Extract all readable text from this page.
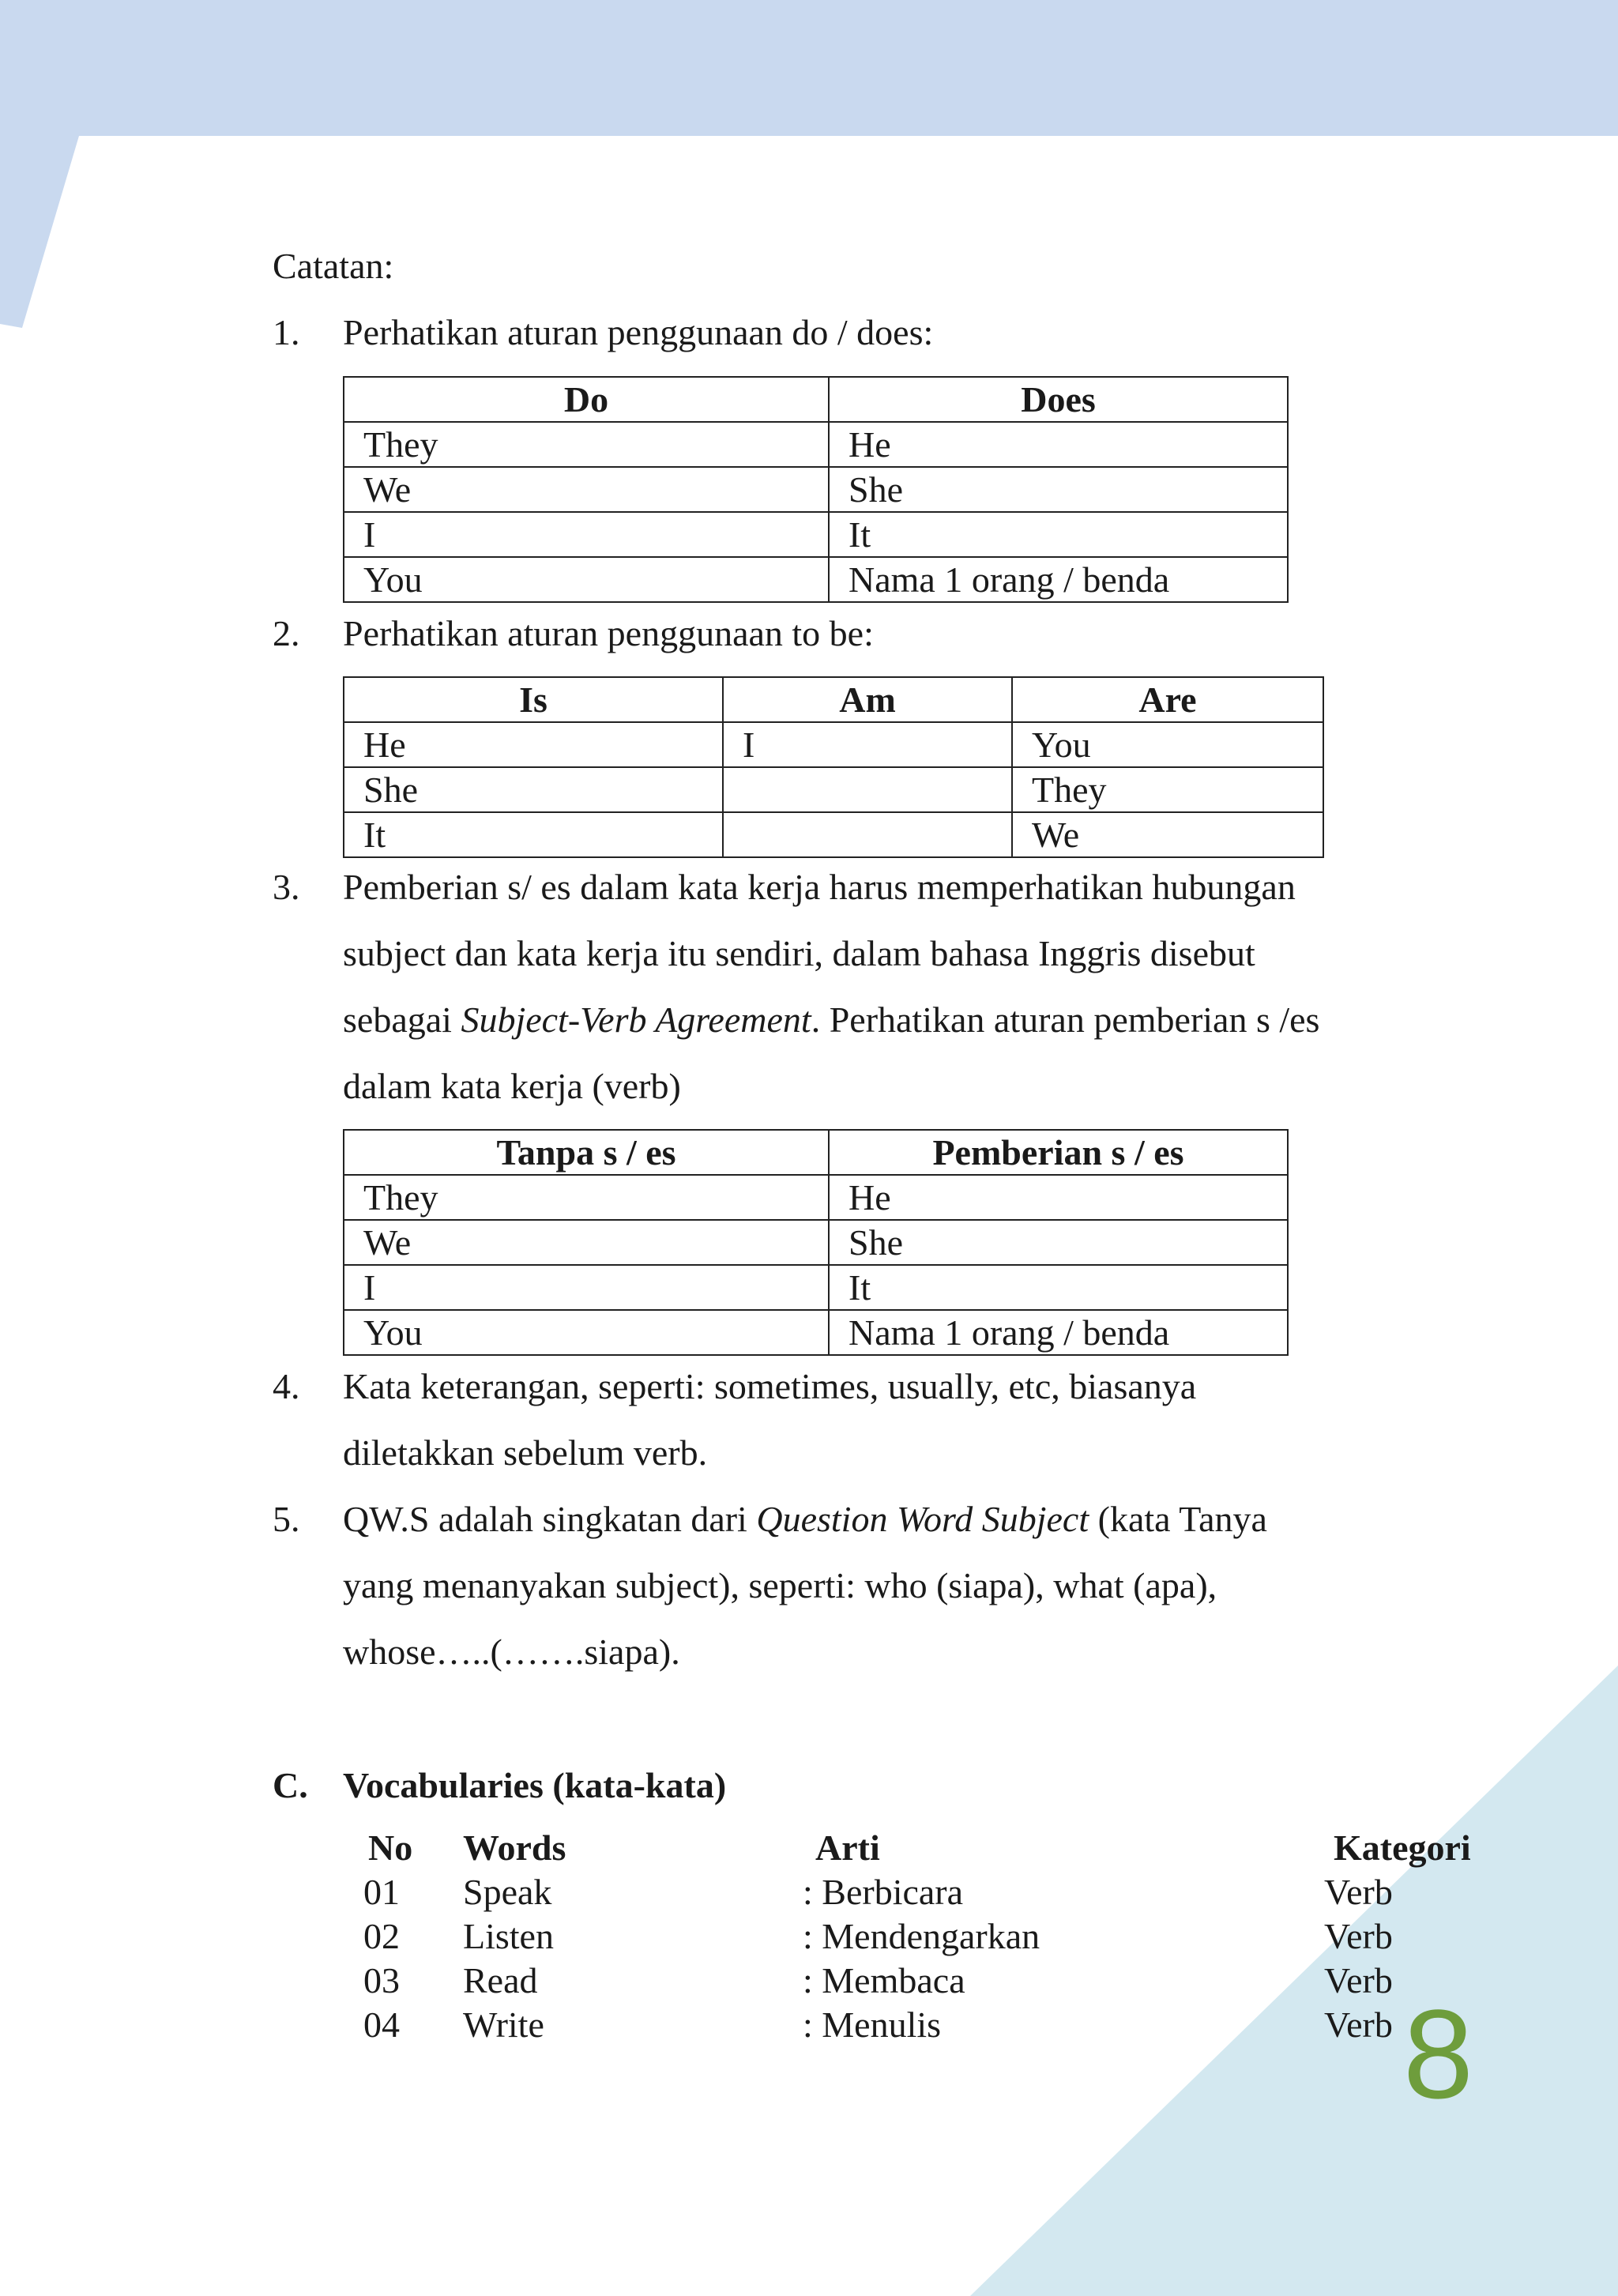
Catatan:
1. Perhatikan aturan penggunaan do / does:
Do	Does
They	He
We	She
I	It
You	Nama 1 orang / benda
2. Perhatikan aturan penggunaan to be:
Is	Am	Are
He	I	You
She		They
It		We
3. Pemberian s/ es dalam kata kerja harus memperhatikan hubungan
subject dan kata kerja itu sendiri, dalam bahasa Inggris disebut
sebagai Subject-Verb Agreement. Perhatikan aturan pemberian s /es
dalam kata kerja (verb)
Tanpa s / es	Pemberian s / es
They	He
We	She
I	It
You	Nama 1 orang / benda
4. Kata keterangan, seperti: sometimes, usually, etc, biasanya
diletakkan sebelum verb.
5. QW.S adalah singkatan dari Question Word Subject (kata Tanya
yang menanyakan subject), seperti: who (siapa), what (apa),
whose…..(…….siapa).
C. Vocabularies (kata-kata)
No Words	Arti	Kategori
01 Speak	: Berbicara	Verb
02 Listen	: Mendengarkan	Verb
03 Read	: Membaca	Verb
04 Write	: Menulis	Verb 8
